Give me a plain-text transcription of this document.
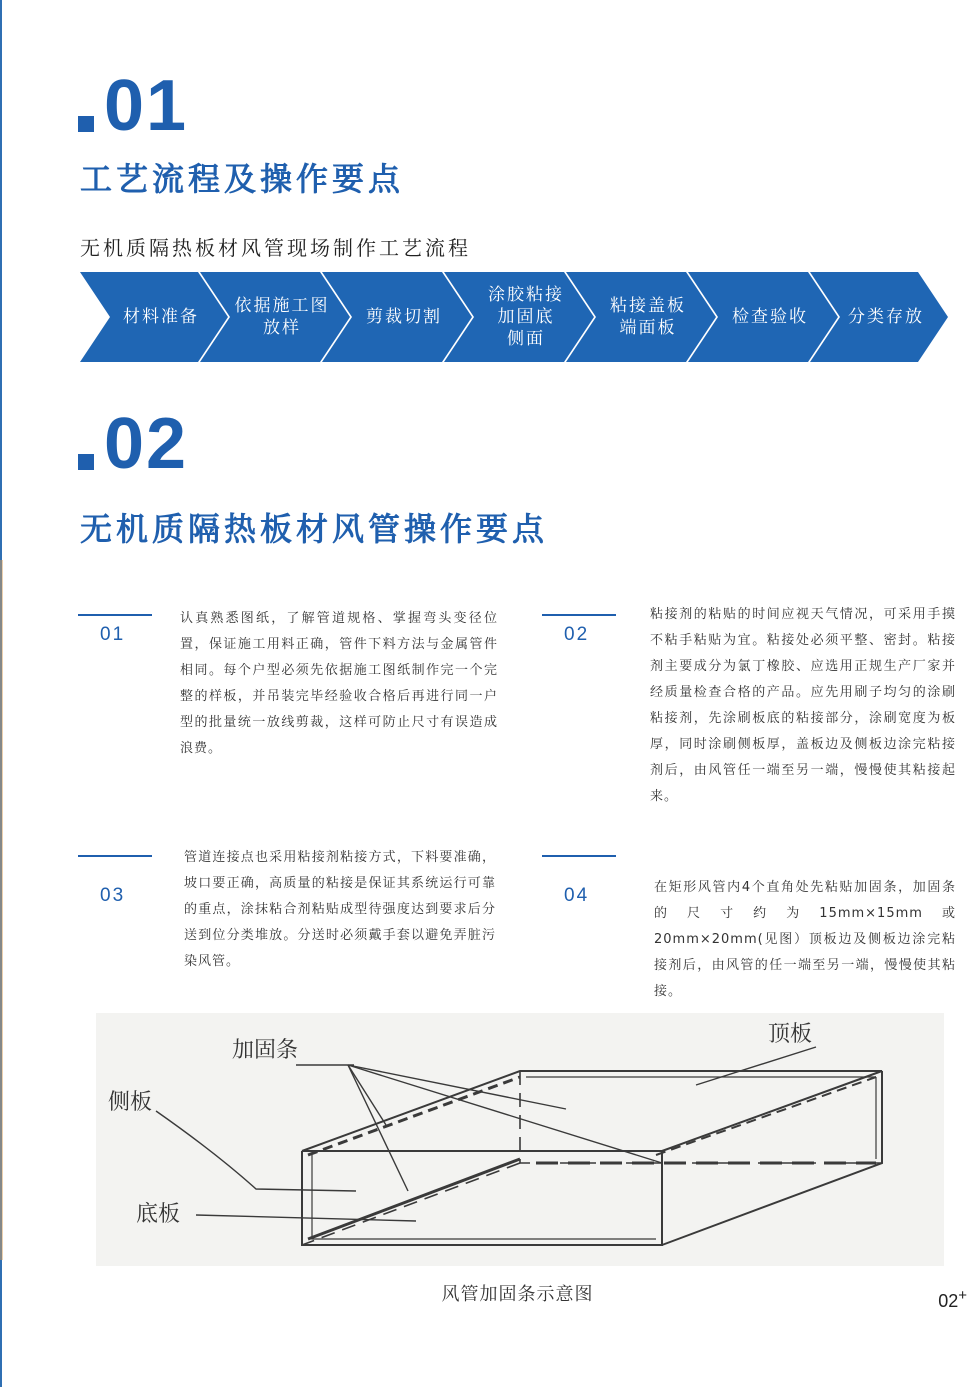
01
工艺流程及操作要点
无机质隔热板材风管现场制作工艺流程
材料准备
依据施工图
放样
剪裁切割
涂胶粘接
加固底
侧面
粘接盖板
端面板
检查验收 分类存放
02
无机质隔热板材风管操作要点
01
认真熟悉图纸，了解管道规格、掌握弯头变径位置，保证施工用料正确，管件下料方法与金属管件相同。每个户型必须先依据施工图纸制作完一个完整的样板，并吊装完毕经验收合格后再进行同一户型的批量统一放线剪裁，这样可防止尺寸有误造成浪费。
02
粘接剂的粘贴的时间应视天气情况，可采用手摸不粘手粘贴为宜。粘接处必须平整、密封。粘接剂主要成分为氯丁橡胶、应选用正规生产厂家并经质量检查合格的产品。应先用刷子均匀的涂刷粘接剂，先涂刷板底的粘接部分，涂刷宽度为板厚，同时涂刷侧板厚，盖板边及侧板边涂完粘接剂后，由风管任一端至另一端，慢慢使其粘接起来。
03
管道连接点也采用粘接剂粘接方式，下料要准确，坡口要正确，高质量的粘接是保证其系统运行可靠的重点，涂抹粘合剂粘贴成型待强度达到要求后分送到位分类堆放。分送时必须戴手套以避免弄脏污染风管。
04	在矩形风管内4个直角处先粘贴加固条，加固条的尺寸约为15mm×15mm或20mm×20mm(见图）顶板边及侧板边涂完粘接剂后，由风管的任一端至另一端，慢慢使其粘接。
加固条
顶板
侧板
底板
风管加固条示意图	02+
